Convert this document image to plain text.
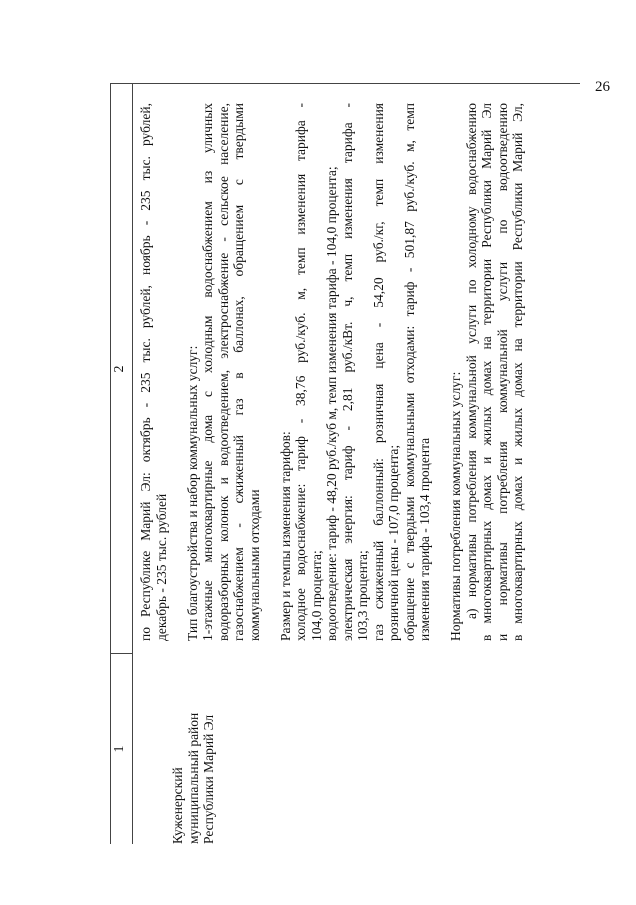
26
1
2

Куженерский муниципальный район Республики Марий Эл

по Республике Марий Эл: октябрь - 235 тыс. рублей, ноябрь - 235 тыс. рублей, декабрь - 235 тыс. рублей Тип благоустройства и набор коммунальных услуг: 1-этажные многоквартирные дома с холодным водоснабжением из уличных водоразборных колонок и водоотведением, электроснабжение - сельское население, газоснабжением - сжиженный газ в баллонах, обращением с твердыми коммунальными отходами Размер и темпы изменения тарифов: холодное водоснабжение: тариф - 38,76 руб./куб. м, темп изменения тарифа - 104,0 процента; водоотведение: тариф - 48,20 руб./куб м, темп изменения тарифа - 104,0 процента; электрическая энергия: тариф - 2,81 руб./кВт. ч, темп изменения тарифа - 103,3 процента; газ сжиженный баллонный: розничная цена - 54,20 руб./кг, темп изменения розничной цены - 107,0 процента; обращение с твердыми коммунальными отходами: тариф - 501,87 руб./куб. м, темп изменения тарифа - 103,4 процента Нормативы потребления коммунальных услуг: а) нормативы потребления коммунальной услуги по холодному водоснабжению в многоквартирных домах и жилых домах на территории Республики Марий Эл и нормативы потребления коммунальной услуги по водоотведению в многоквартирных домах и жилых домах на территории Республики Марий Эл,
